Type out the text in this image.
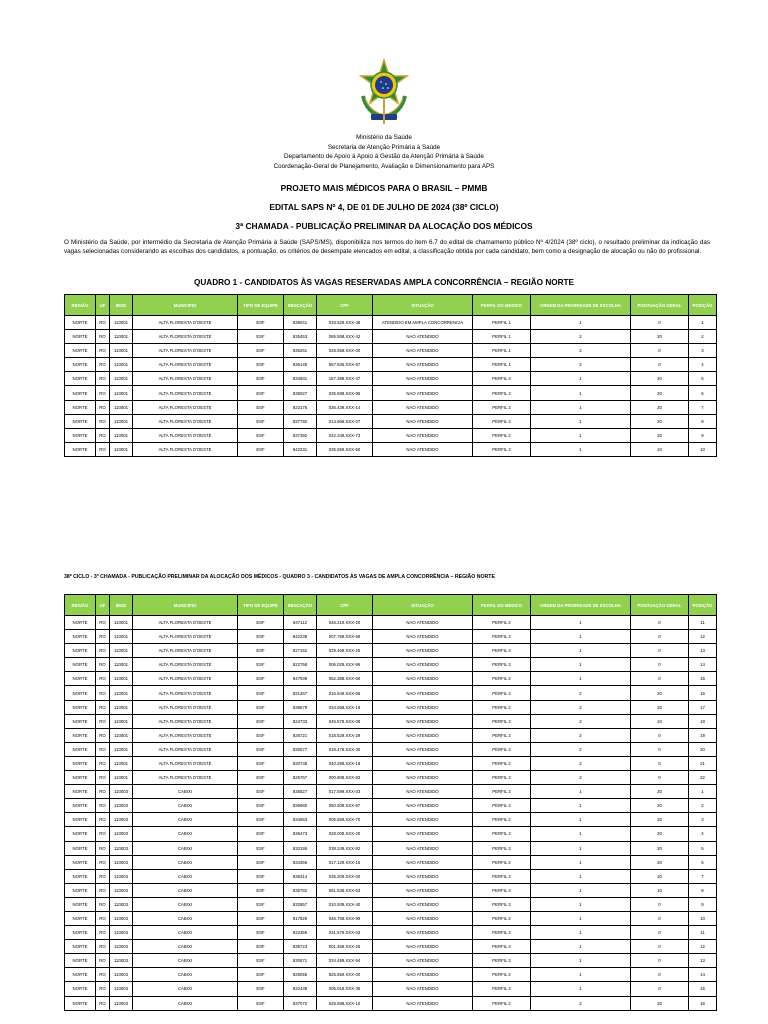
Ministério da Saúde
Secretaria de Atenção Primária à Saúde
Departamento de Apoio à Apoio à Gestão da Atenção Primária à Saúde
Coordenação-Geral de Planejamento, Avaliação e Dimensionamento para APS
PROJETO MAIS MÉDICOS PARA O BRASIL – PMMB
EDITAL SAPS Nº 4, DE 01 DE JULHO DE 2024 (38º CICLO)
3ª CHAMADA - PUBLICAÇÃO PRELIMINAR DA ALOCAÇÃO DOS MÉDICOS
O Ministério da Saúde, por intermédio da Secretaria de Atenção Primária à Saúde (SAPS/MS), disponibiliza nos termos do item 6.7 do edital de chamamento público Nº 4/2024 (38º ciclo), o resultado preliminar da indicação das vagas selecionadas considerando as escolhas dos candidatos, a pontuação, os critérios de desempate elencados em edital, a classificação obtida por cada candidato, bem como a designação de alocação ou não do profissional.
QUADRO 1 - CANDIDATOS ÀS VAGAS RESERVADAS AMPLA CONCORRÊNCIA – REGIÃO NORTE
REGIÃO	UF	IBGE	MUNICÍPIO	TIPO DE EQUIPE	INDICAÇÃO	CPF	SITUAÇÃO	PERFIL DO MÉDICO	ORDEM DA PRIORIDADE DE ESCOLHA	PONTUAÇÃO GERAL	POSIÇÃO
NORTE	RO	110001	ALTA FLORESTA D'OESTE	ESF	838041	033.529.XXX-48	ATENDIDO EM AMPLA CONCORRENCIA	PERFIL 1	1	0	1
NORTE	RO	110001	ALTA FLORESTA D'OESTE	ESF	835453	065.558.XXX-42	NAO ATENDIDO	PERFIL 1	2	20	2
NORTE	RO	110001	ALTA FLORESTA D'OESTE	ESF	836261	028.558.XXX-00	NAO ATENDIDO	PERFIL 1	2	0	3
NORTE	RO	110001	ALTA FLORESTA D'OESTE	ESF	836145	557.936.XXX-87	NAO ATENDIDO	PERFIL 1	2	0	4
NORTE	RO	110001	ALTA FLORESTA D'OESTE	ESF	834931	157.398.XXX-47	NAO ATENDIDO	PERFIL 2	1	20	5
NORTE	RO	110001	ALTA FLORESTA D'OESTE	ESF	835027	035.588.XXX-95	NAO ATENDIDO	PERFIL 2	1	20	6
NORTE	RO	110001	ALTA FLORESTA D'OESTE	ESF	823176	036.439.XXX-14	NAO ATENDIDO	PERFIL 2	1	20	7
NORTE	RO	110001	ALTA FLORESTA D'OESTE	ESF	837792	014.668.XXX-07	NAO ATENDIDO	PERFIL 2	1	20	8
NORTE	RO	110001	ALTA FLORESTA D'OESTE	ESF	837392	022.249.XXX-73	NAO ATENDIDO	PERFIL 2	1	20	9
NORTE	RO	110001	ALTA FLORESTA D'OESTE	ESF	842231	035.559.XXX-50	NAO ATENDIDO	PERFIL 2	1	10	10
38º CICLO - 3ª CHAMADA - PUBLICAÇÃO PRELIMINAR DA ALOCAÇÃO DOS MÉDICOS - QUADRO 3 - CANDIDATOS ÀS VAGAS DE AMPLA CONCORRÊNCIA – REGIÃO NORTE
REGIÃO	UF	IBGE	MUNICÍPIO	TIPO DE EQUIPE	INDICAÇÃO	CPF	SITUAÇÃO	PERFIL DO MÉDICO	ORDEM DA PRIORIDADE DE ESCOLHA	PONTUAÇÃO GERAL	POSIÇÃO
NORTE	RO	110001	ALTA FLORESTA D'OESTE	ESF	847112	045.219.XXX-20	NAO ATENDIDO	PERFIL 2	1	0	11
NORTE	RO	110001	ALTA FLORESTA D'OESTE	ESF	842239	007.758.XXX-56	NAO ATENDIDO	PERFIL 2	1	0	12
NORTE	RO	110001	ALTA FLORESTA D'OESTE	ESF	827152	029.468.XXX-25	NAO ATENDIDO	PERFIL 2	1	0	13
NORTE	RO	110001	ALTA FLORESTA D'OESTE	ESF	822758	006.029.XXX-96	NAO ATENDIDO	PERFIL 2	1	0	14
NORTE	RO	110001	ALTA FLORESTA D'OESTE	ESF	847939	052.388.XXX-60	NAO ATENDIDO	PERFIL 2	1	0	15
NORTE	RO	110001	ALTA FLORESTA D'OESTE	ESF	821267	016.549.XXX-65	NAO ATENDIDO	PERFIL 2	2	20	16
NORTE	RO	110001	ALTA FLORESTA D'OESTE	ESF	838679	034.668.XXX-19	NAO ATENDIDO	PERFIL 2	2	20	17
NORTE	RO	110001	ALTA FLORESTA D'OESTE	ESF	824733	045.578.XXX-08	NAO ATENDIDO	PERFIL 2	2	10	18
NORTE	RO	110001	ALTA FLORESTA D'OESTE	ESF	826721	018.529.XXX-29	NAO ATENDIDO	PERFIL 2	2	0	19
NORTE	RO	110001	ALTA FLORESTA D'OESTE	ESF	830577	019.478.XXX-30	NAO ATENDIDO	PERFIL 2	2	0	20
NORTE	RO	110001	ALTA FLORESTA D'OESTE	ESF	820738	040.298.XXX-18	NAO ATENDIDO	PERFIL 2	2	0	21
NORTE	RO	110001	ALTA FLORESTA D'OESTE	ESF	825767	000.808.XXX-83	NAO ATENDIDO	PERFIL 2	2	0	22
NORTE	RO	110003	CABIXI	ESF	835527	017.599.XXX-03	NAO ATENDIDO	PERFIL 2	1	20	1
NORTE	RO	110003	CABIXI	ESF	836960	050.508.XXX-87	NAO ATENDIDO	PERFIL 2	1	20	2
NORTE	RO	110003	CABIXI	ESF	834653	006.559.XXX-70	NAO ATENDIDO	PERFIL 2	1	20	3
NORTE	RO	110003	CABIXI	ESF	836473	028.008.XXX-20	NAO ATENDIDO	PERFIL 2	1	20	4
NORTE	RO	110003	CABIXI	ESF	833195	038.249.XXX-92	NAO ATENDIDO	PERFIL 2	1	20	5
NORTE	RO	110003	CABIXI	ESF	834366	017.129.XXX-15	NAO ATENDIDO	PERFIL 2	1	20	6
NORTE	RO	110003	CABIXI	ESF	836314	035.209.XXX-00	NAO ATENDIDO	PERFIL 2	1	10	7
NORTE	RO	110003	CABIXI	ESF	836782	061.539.XXX-63	NAO ATENDIDO	PERFIL 2	1	10	8
NORTE	RO	110003	CABIXI	ESF	832857	010.939.XXX-40	NAO ATENDIDO	PERFIL 2	1	0	9
NORTE	RO	110003	CABIXI	ESF	817829	045.708.XXX-99	NAO ATENDIDO	PERFIL 2	1	0	10
NORTE	RO	110003	CABIXI	ESF	822359	031.679.XXX-03	NAO ATENDIDO	PERFIL 2	1	0	11
NORTE	RO	110003	CABIXI	ESF	835723	001.458.XXX-26	NAO ATENDIDO	PERFIL 2	1	0	12
NORTE	RO	110003	CABIXI	ESF	830671	034.499.XXX-94	NAO ATENDIDO	PERFIL 2	1	0	13
NORTE	RO	110003	CABIXI	ESF	825055	825.559.XXX-00	NAO ATENDIDO	PERFIL 2	1	0	14
NORTE	RO	110003	CABIXI	ESF	822439	005.018.XXX-35	NAO ATENDIDO	PERFIL 2	1	0	15
NORTE	RO	110003	CABIXI	ESF	837072	628.599.XXX-10	NAO ATENDIDO	PERFIL 2	2	20	16
